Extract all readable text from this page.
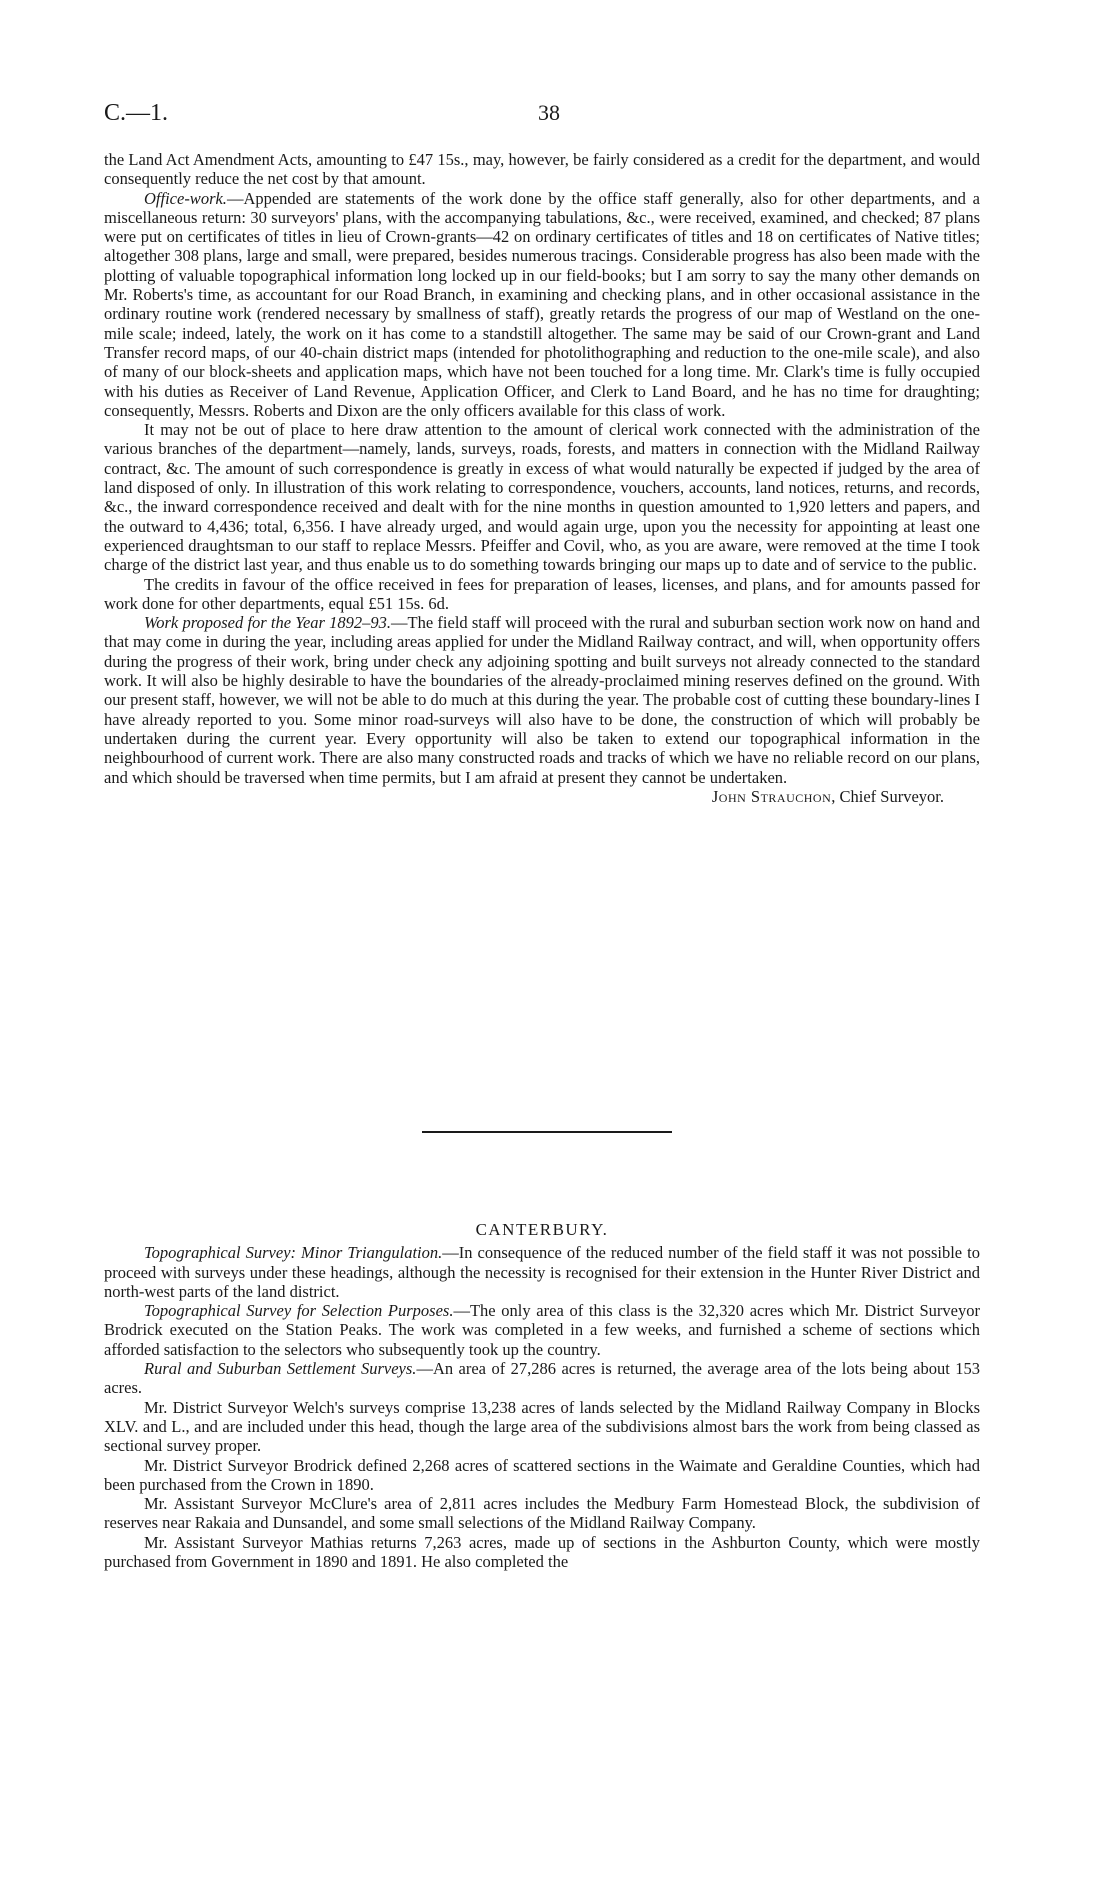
C.—1.	38

the Land Act Amendment Acts, amounting to £47 15s., may, however, be fairly considered as a credit for the department, and would consequently reduce the net cost by that amount.

Office-work.—Appended are statements of the work done by the office staff generally, also for other departments, and a miscellaneous return: 30 surveyors' plans, with the accompanying tabulations, &c., were received, examined, and checked; 87 plans were put on certificates of titles in lieu of Crown-grants—42 on ordinary certificates of titles and 18 on certificates of Native titles; altogether 308 plans, large and small, were prepared, besides numerous tracings. Considerable progress has also been made with the plotting of valuable topographical information long locked up in our field-books; but I am sorry to say the many other demands on Mr. Roberts's time, as accountant for our Road Branch, in examining and checking plans, and in other occasional assistance in the ordinary routine work (rendered necessary by smallness of staff), greatly retards the progress of our map of Westland on the one-mile scale; indeed, lately, the work on it has come to a standstill altogether. The same may be said of our Crown-grant and Land Transfer record maps, of our 40-chain district maps (intended for photolithographing and reduction to the one-mile scale), and also of many of our block-sheets and application maps, which have not been touched for a long time. Mr. Clark's time is fully occupied with his duties as Receiver of Land Revenue, Application Officer, and Clerk to Land Board, and he has no time for draughting; consequently, Messrs. Roberts and Dixon are the only officers available for this class of work.

It may not be out of place to here draw attention to the amount of clerical work connected with the administration of the various branches of the department—namely, lands, surveys, roads, forests, and matters in connection with the Midland Railway contract, &c. The amount of such correspondence is greatly in excess of what would naturally be expected if judged by the area of land disposed of only. In illustration of this work relating to correspondence, vouchers, accounts, land notices, returns, and records, &c., the inward correspondence received and dealt with for the nine months in question amounted to 1,920 letters and papers, and the outward to 4,436; total, 6,356. I have already urged, and would again urge, upon you the necessity for appointing at least one experienced draughtsman to our staff to replace Messrs. Pfeiffer and Covil, who, as you are aware, were removed at the time I took charge of the district last year, and thus enable us to do something towards bringing our maps up to date and of service to the public.

The credits in favour of the office received in fees for preparation of leases, licenses, and plans, and for amounts passed for work done for other departments, equal £51 15s. 6d.

Work proposed for the Year 1892–93.—The field staff will proceed with the rural and suburban section work now on hand and that may come in during the year, including areas applied for under the Midland Railway contract, and will, when opportunity offers during the progress of their work, bring under check any adjoining spotting and built surveys not already connected to the standard work. It will also be highly desirable to have the boundaries of the already-proclaimed mining reserves defined on the ground. With our present staff, however, we will not be able to do much at this during the year. The probable cost of cutting these boundary-lines I have already reported to you. Some minor road-surveys will also have to be done, the construction of which will probably be undertaken during the current year. Every opportunity will also be taken to extend our topographical information in the neighbourhood of current work. There are also many constructed roads and tracks of which we have no reliable record on our plans, and which should be traversed when time permits, but I am afraid at present they cannot be undertaken.

John Strauchon, Chief Surveyor.
CANTERBURY.

Topographical Survey: Minor Triangulation.—In consequence of the reduced number of the field staff it was not possible to proceed with surveys under these headings, although the necessity is recognised for their extension in the Hunter River District and north-west parts of the land district.

Topographical Survey for Selection Purposes.—The only area of this class is the 32,320 acres which Mr. District Surveyor Brodrick executed on the Station Peaks. The work was completed in a few weeks, and furnished a scheme of sections which afforded satisfaction to the selectors who subsequently took up the country.

Rural and Suburban Settlement Surveys.—An area of 27,286 acres is returned, the average area of the lots being about 153 acres.

Mr. District Surveyor Welch's surveys comprise 13,238 acres of lands selected by the Midland Railway Company in Blocks XLV. and L., and are included under this head, though the large area of the subdivisions almost bars the work from being classed as sectional survey proper.

Mr. District Surveyor Brodrick defined 2,268 acres of scattered sections in the Waimate and Geraldine Counties, which had been purchased from the Crown in 1890.

Mr. Assistant Surveyor McClure's area of 2,811 acres includes the Medbury Farm Homestead Block, the subdivision of reserves near Rakaia and Dunsandel, and some small selections of the Midland Railway Company.

Mr. Assistant Surveyor Mathias returns 7,263 acres, made up of sections in the Ashburton County, which were mostly purchased from Government in 1890 and 1891. He also completed the
